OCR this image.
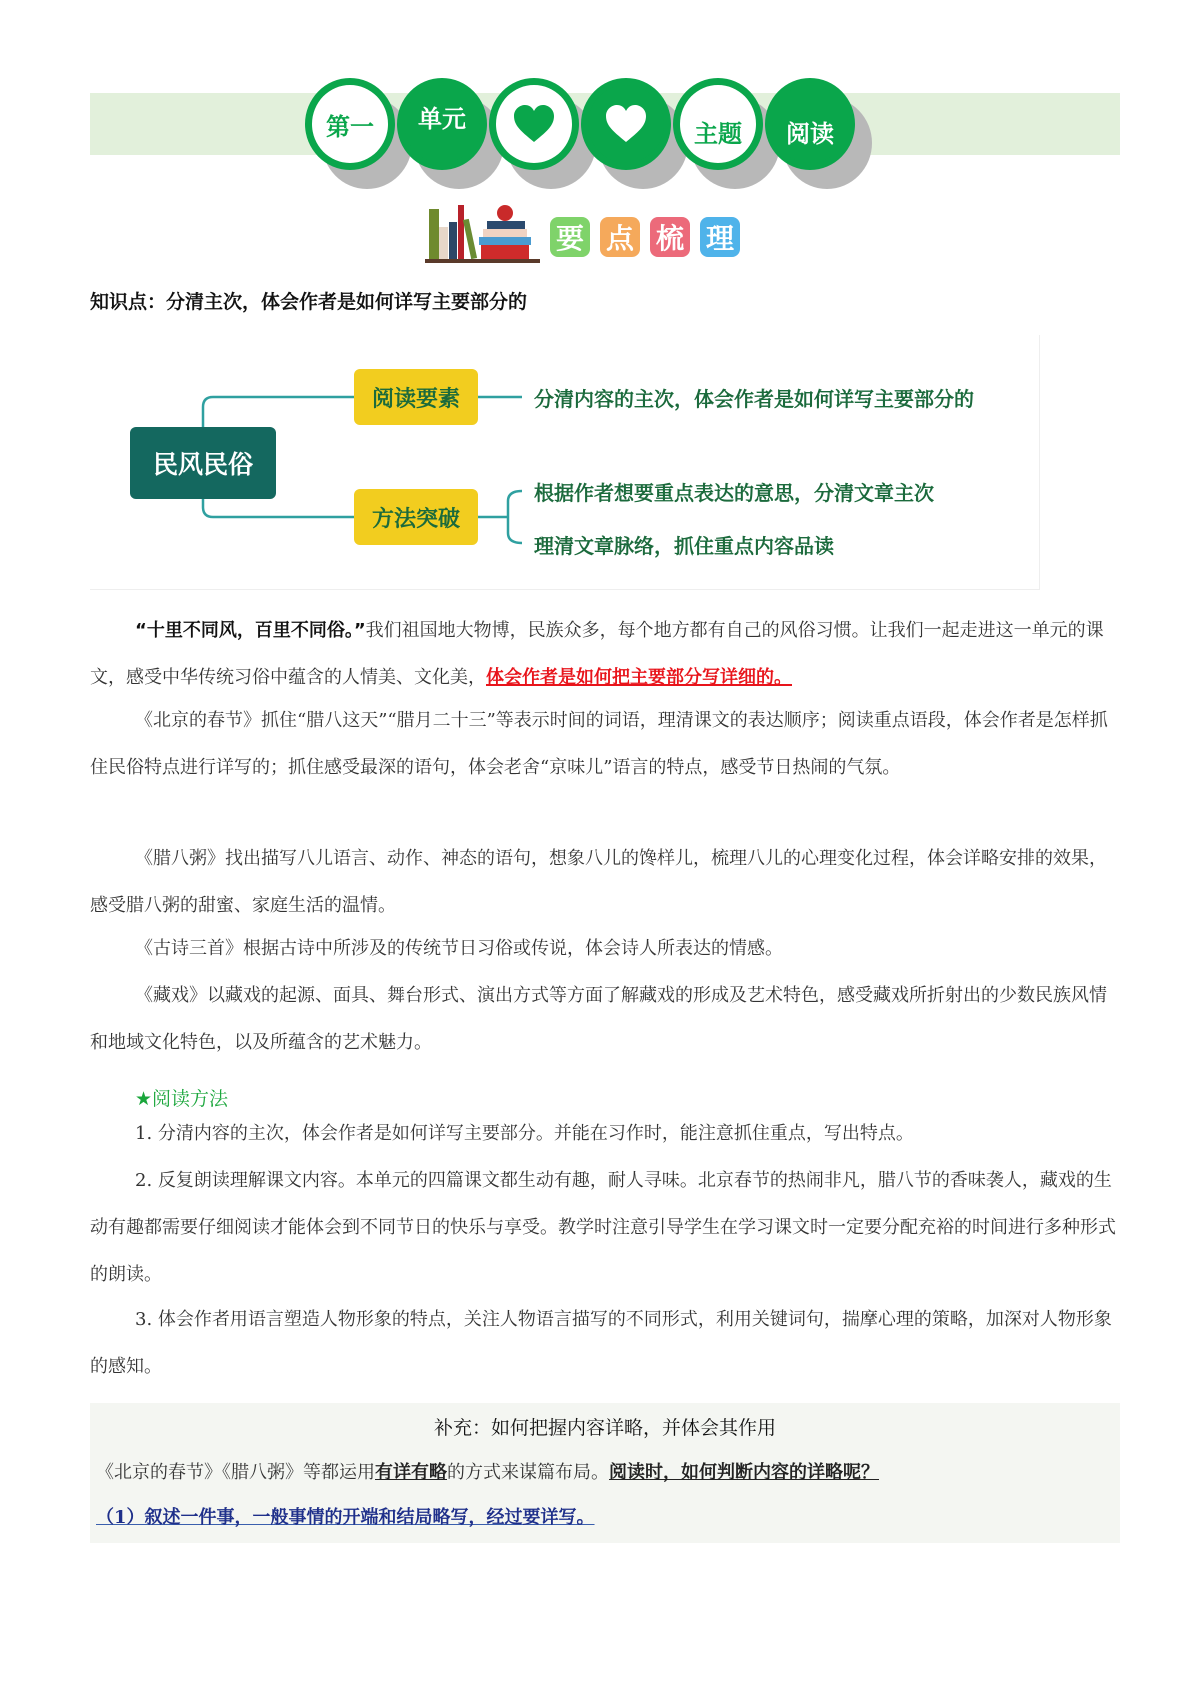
第一 单元
主题 阅读
要 点 梳 理
知识点：分清主次，体会作者是如何详写主要部分的
民风民俗
阅读要素
方法突破
分清内容的主次，体会作者是如何详写主要部分的
根据作者想要重点表达的意思，分清文章主次
理清文章脉络，抓住重点内容品读
“十里不同风，百里不同俗。”我们祖国地大物博，民族众多，每个地方都有自己的风俗习惯。让我们一起走进这一单元的课文，感受中华传统习俗中蕴含的人情美、文化美，体会作者是如何把主要部分写详细的。
《北京的春节》抓住“腊八这天”“腊月二十三”等表示时间的词语，理清课文的表达顺序；阅读重点语段，体会作者是怎样抓住民俗特点进行详写的；抓住感受最深的语句，体会老舍“京味儿”语言的特点，感受节日热闹的气氛。
《腊八粥》找出描写八儿语言、动作、神态的语句，想象八儿的馋样儿，梳理八儿的心理变化过程，体会详略安排的效果，感受腊八粥的甜蜜、家庭生活的温情。
《古诗三首》根据古诗中所涉及的传统节日习俗或传说，体会诗人所表达的情感。
《藏戏》以藏戏的起源、面具、舞台形式、演出方式等方面了解藏戏的形成及艺术特色，感受藏戏所折射出的少数民族风情和地域文化特色，以及所蕴含的艺术魅力。
★阅读方法
1. 分清内容的主次，体会作者是如何详写主要部分。并能在习作时，能注意抓住重点，写出特点。
2. 反复朗读理解课文内容。本单元的四篇课文都生动有趣，耐人寻味。北京春节的热闹非凡，腊八节的香味袭人，藏戏的生动有趣都需要仔细阅读才能体会到不同节日的快乐与享受。教学时注意引导学生在学习课文时一定要分配充裕的时间进行多种形式的朗读。
3. 体会作者用语言塑造人物形象的特点，关注人物语言描写的不同形式，利用关键词句，揣摩心理的策略，加深对人物形象的感知。
补充：如何把握内容详略，并体会其作用
《北京的春节》《腊八粥》等都运用有详有略的方式来谋篇布局。阅读时，如何判断内容的详略呢？
（1）叙述一件事，一般事情的开端和结局略写，经过要详写。
